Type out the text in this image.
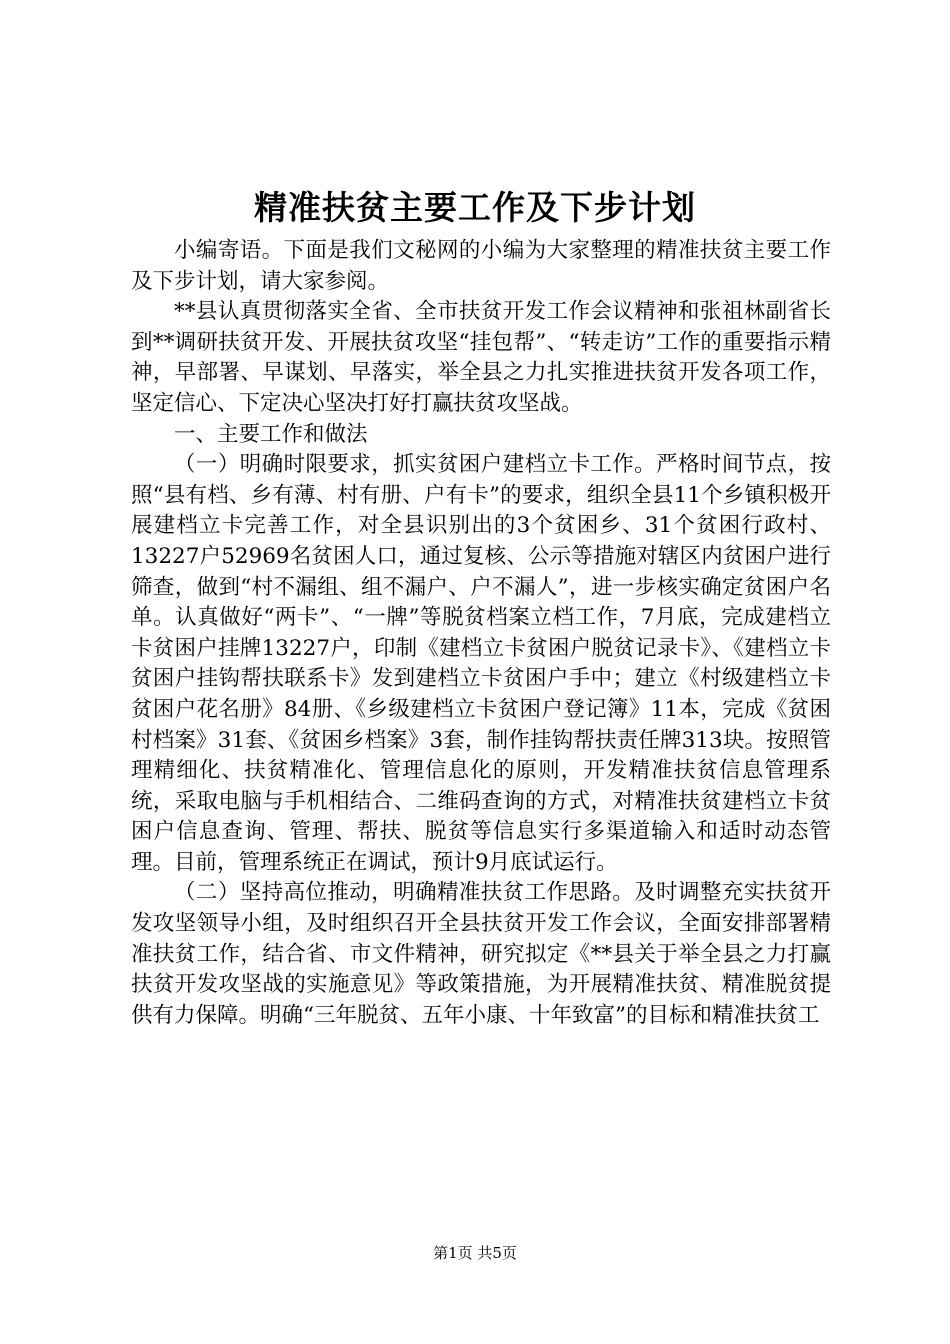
精准扶贫主要工作及下步计划

小编寄语。下面是我们文秘网的小编为大家整理的精准扶贫主要工作及下步计划，请大家参阅。

**县认真贯彻落实全省、全市扶贫开发工作会议精神和张祖林副省长到**调研扶贫开发、开展扶贫攻坚“挂包帮”、“转走访”工作的重要指示精神，早部署、早谋划、早落实，举全县之力扎实推进扶贫开发各项工作，坚定信心、下定决心坚决打好打赢扶贫攻坚战。

一、主要工作和做法

（一）明确时限要求，抓实贫困户建档立卡工作。严格时间节点，按照“县有档、乡有薄、村有册、户有卡”的要求，组织全县11个乡镇积极开展建档立卡完善工作，对全县识别出的3个贫困乡、31个贫困行政村、13227户52969名贫困人口，通过复核、公示等措施对辖区内贫困户进行筛查，做到“村不漏组、组不漏户、户不漏人”，进一步核实确定贫困户名单。认真做好“两卡”、“一牌”等脱贫档案立档工作，7月底，完成建档立卡贫困户挂牌13227户，印制《建档立卡贫困户脱贫记录卡》、《建档立卡贫困户挂钩帮扶联系卡》发到建档立卡贫困户手中；建立《村级建档立卡贫困户花名册》84册、《乡级建档立卡贫困户登记簿》11本，完成《贫困村档案》31套、《贫困乡档案》3套，制作挂钩帮扶责任牌313块。按照管理精细化、扶贫精准化、管理信息化的原则，开发精准扶贫信息管理系统，采取电脑与手机相结合、二维码查询的方式，对精准扶贫建档立卡贫困户信息查询、管理、帮扶、脱贫等信息实行多渠道输入和适时动态管理。目前，管理系统正在调试，预计9月底试运行。

（二）坚持高位推动，明确精准扶贫工作思路。及时调整充实扶贫开发攻坚领导小组，及时组织召开全县扶贫开发工作会议，全面安排部署精准扶贫工作，结合省、市文件精神，研究拟定《**县关于举全县之力打赢扶贫开发攻坚战的实施意见》等政策措施，为开展精准扶贫、精准脱贫提供有力保障。明确“三年脱贫、五年小康、十年致富”的目标和精准扶贫工

第1页 共5页
